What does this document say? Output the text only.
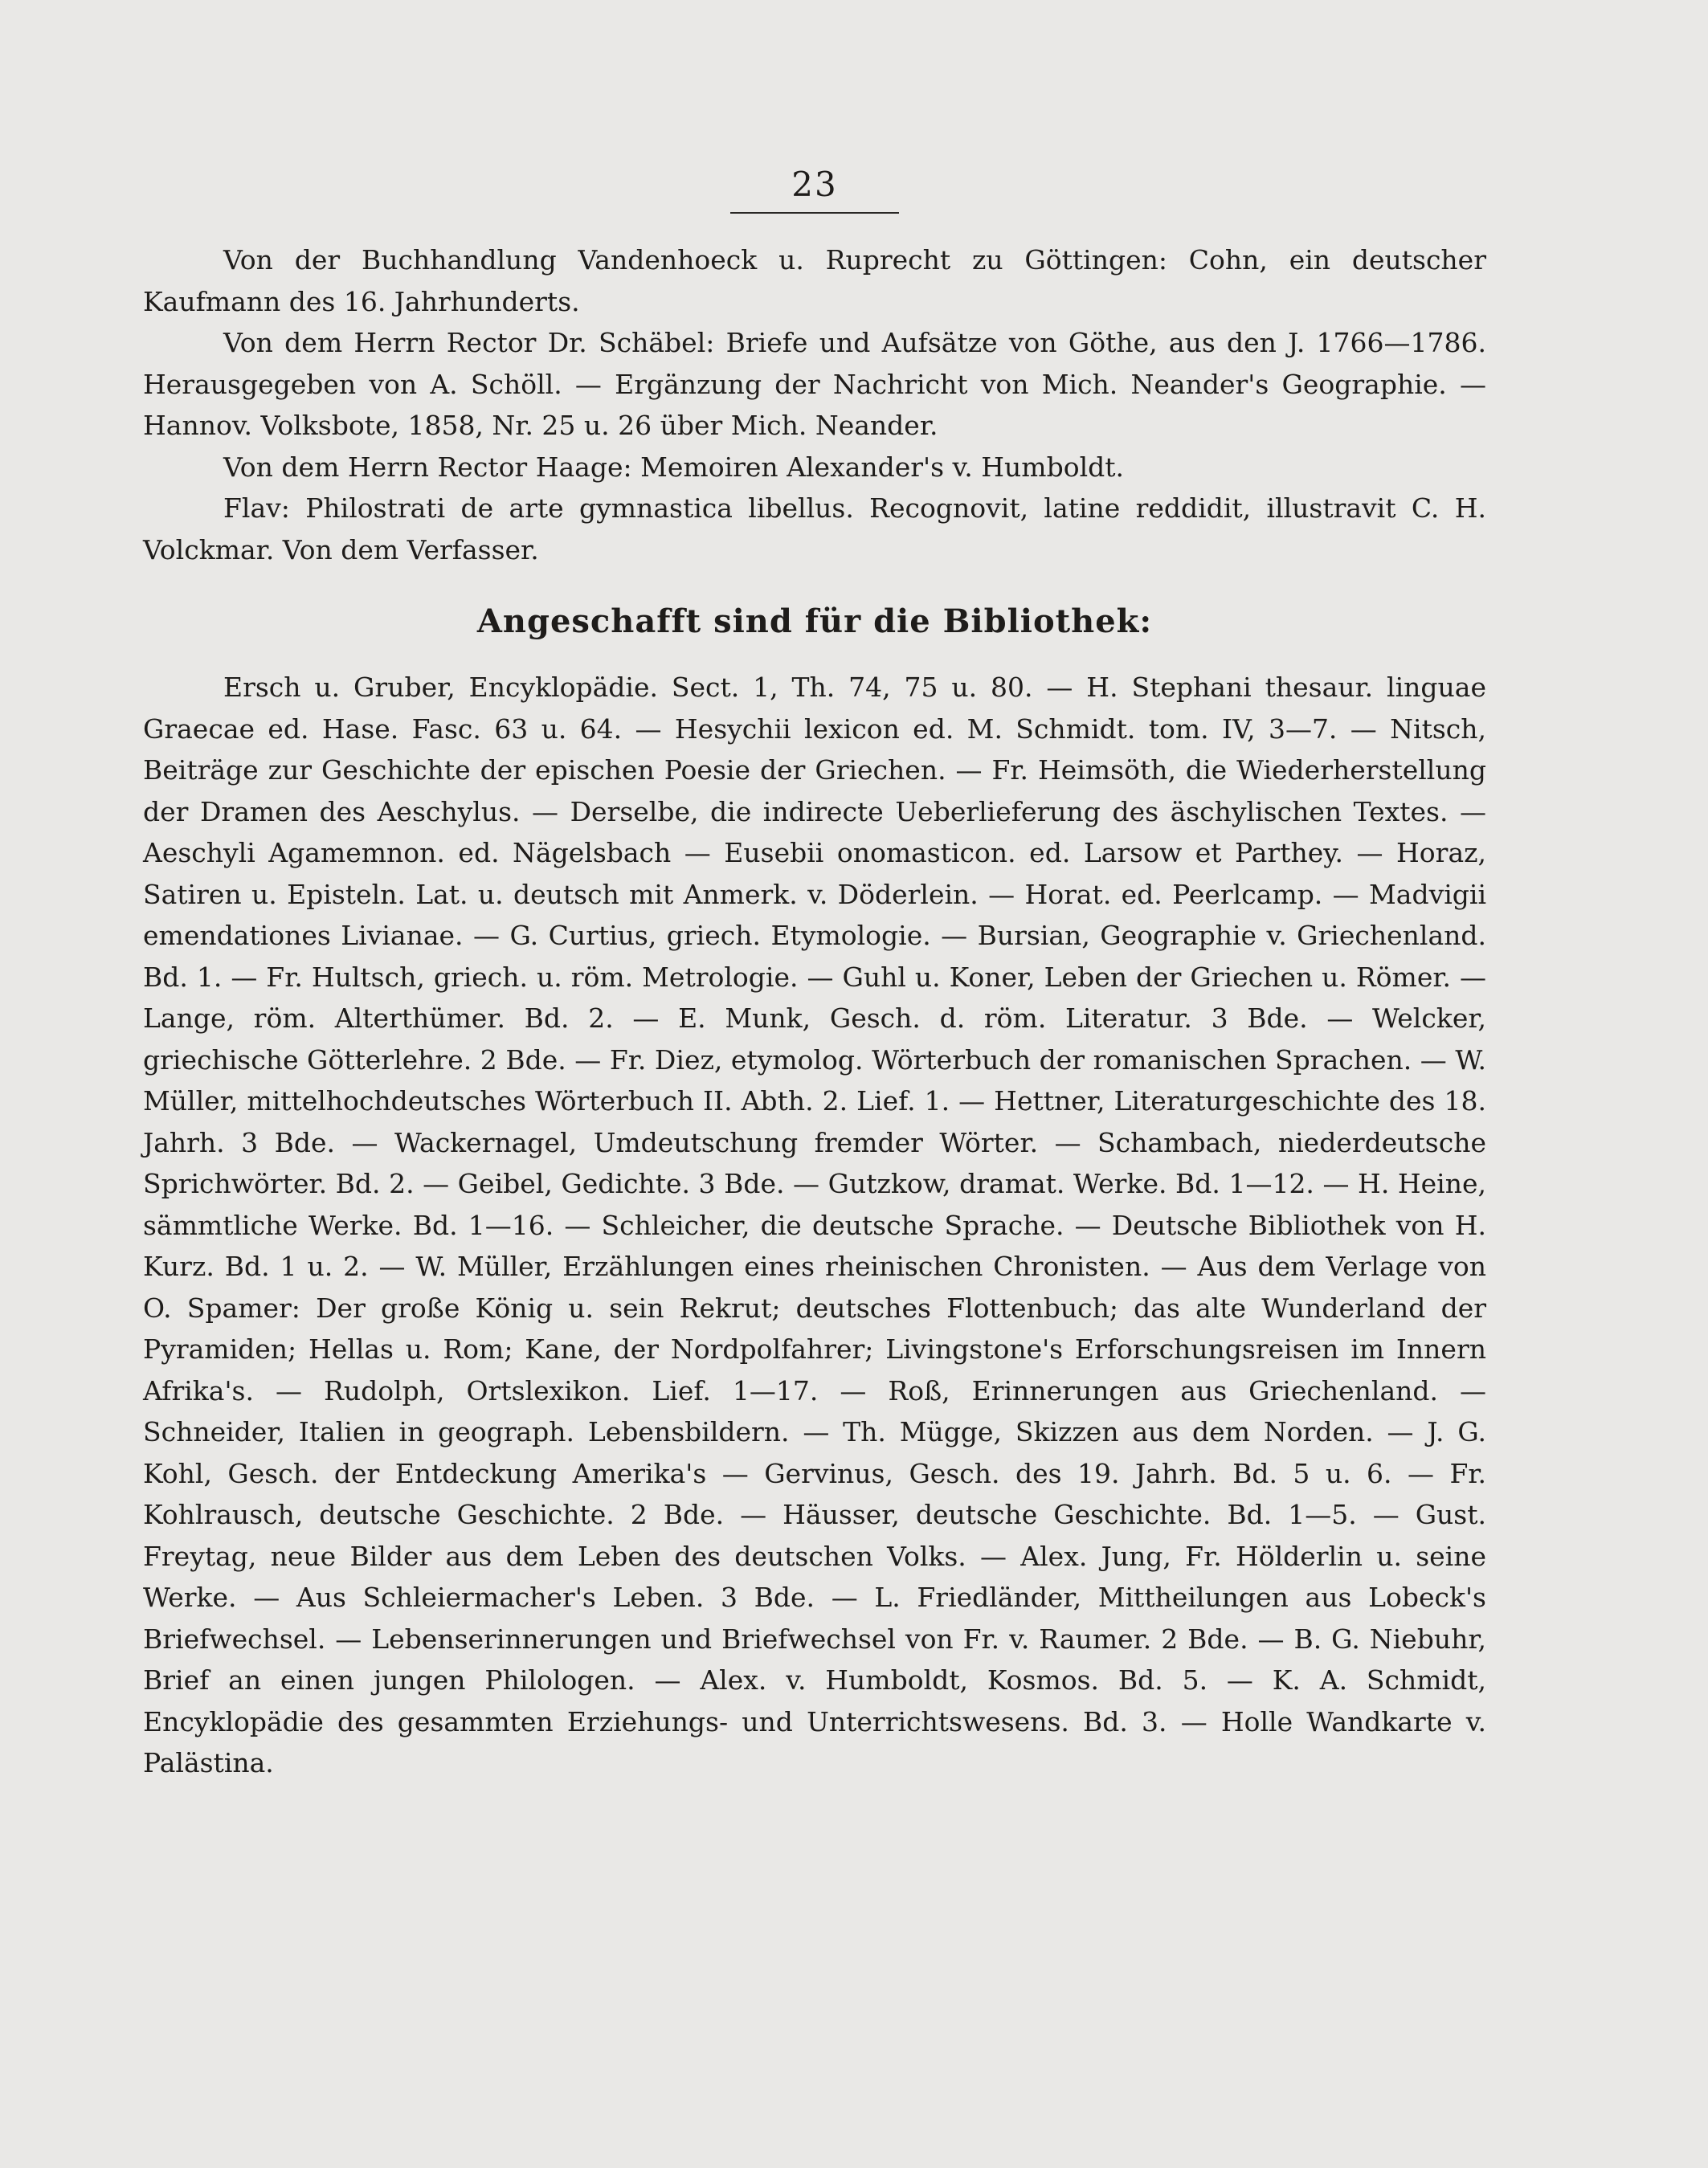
23

Von der Buchhandlung Vandenhoeck u. Ruprecht zu Göttingen: Cohn, ein deutscher Kaufmann des 16. Jahrhunderts.

Von dem Herrn Rector Dr. Schäbel: Briefe und Aufsätze von Göthe, aus den J. 1766—1786. Herausgegeben von A. Schöll. — Ergänzung der Nachricht von Mich. Neander's Geographie. — Hannov. Volksbote, 1858, Nr. 25 u. 26 über Mich. Neander.

Von dem Herrn Rector Haage: Memoiren Alexander's v. Humboldt.

Flav: Philostrati de arte gymnastica libellus. Recognovit, latine reddidit, illustravit C. H. Volckmar. Von dem Verfasser.

Angeschafft sind für die Bibliothek:

Ersch u. Gruber, Encyklopädie. Sect. 1, Th. 74, 75 u. 80. — H. Stephani thesaur. linguae Graecae ed. Hase. Fasc. 63 u. 64. — Hesychii lexicon ed. M. Schmidt. tom. IV, 3—7. — Nitsch, Beiträge zur Geschichte der epischen Poesie der Griechen. — Fr. Heimsöth, die Wiederherstellung der Dramen des Aeschylus. — Derselbe, die indirecte Ueberlieferung des äschylischen Textes. — Aeschyli Agamemnon. ed. Nägelsbach — Eusebii onomasticon. ed. Larsow et Parthey. — Horaz, Satiren u. Episteln. Lat. u. deutsch mit Anmerk. v. Döderlein. — Horat. ed. Peerlcamp. — Madvigii emendationes Livianae. — G. Curtius, griech. Etymologie. — Bursian, Geographie v. Griechenland. Bd. 1. — Fr. Hultsch, griech. u. röm. Metrologie. — Guhl u. Koner, Leben der Griechen u. Römer. — Lange, röm. Alterthümer. Bd. 2. — E. Munk, Gesch. d. röm. Literatur. 3 Bde. — Welcker, griechische Götterlehre. 2 Bde. — Fr. Diez, etymolog. Wörterbuch der romanischen Sprachen. — W. Müller, mittelhochdeutsches Wörterbuch II. Abth. 2. Lief. 1. — Hettner, Literaturgeschichte des 18. Jahrh. 3 Bde. — Wackernagel, Umdeutschung fremder Wörter. — Schambach, niederdeutsche Sprichwörter. Bd. 2. — Geibel, Gedichte. 3 Bde. — Gutzkow, dramat. Werke. Bd. 1—12. — H. Heine, sämmtliche Werke. Bd. 1—16. — Schleicher, die deutsche Sprache. — Deutsche Bibliothek von H. Kurz. Bd. 1 u. 2. — W. Müller, Erzählungen eines rheinischen Chronisten. — Aus dem Verlage von O. Spamer: Der große König u. sein Rekrut; deutsches Flottenbuch; das alte Wunderland der Pyramiden; Hellas u. Rom; Kane, der Nordpolfahrer; Livingstone's Erforschungsreisen im Innern Afrika's. — Rudolph, Ortslexikon. Lief. 1—17. — Roß, Erinnerungen aus Griechenland. — Schneider, Italien in geograph. Lebensbildern. — Th. Mügge, Skizzen aus dem Norden. — J. G. Kohl, Gesch. der Entdeckung Amerika's — Gervinus, Gesch. des 19. Jahrh. Bd. 5 u. 6. — Fr. Kohlrausch, deutsche Geschichte. 2 Bde. — Häusser, deutsche Geschichte. Bd. 1—5. — Gust. Freytag, neue Bilder aus dem Leben des deutschen Volks. — Alex. Jung, Fr. Hölderlin u. seine Werke. — Aus Schleiermacher's Leben. 3 Bde. — L. Friedländer, Mittheilungen aus Lobeck's Briefwechsel. — Lebenserinnerungen und Briefwechsel von Fr. v. Raumer. 2 Bde. — B. G. Niebuhr, Brief an einen jungen Philologen. — Alex. v. Humboldt, Kosmos. Bd. 5. — K. A. Schmidt, Encyklopädie des gesammten Erziehungs- und Unterrichtswesens. Bd. 3. — Holle Wandkarte v. Palästina.
